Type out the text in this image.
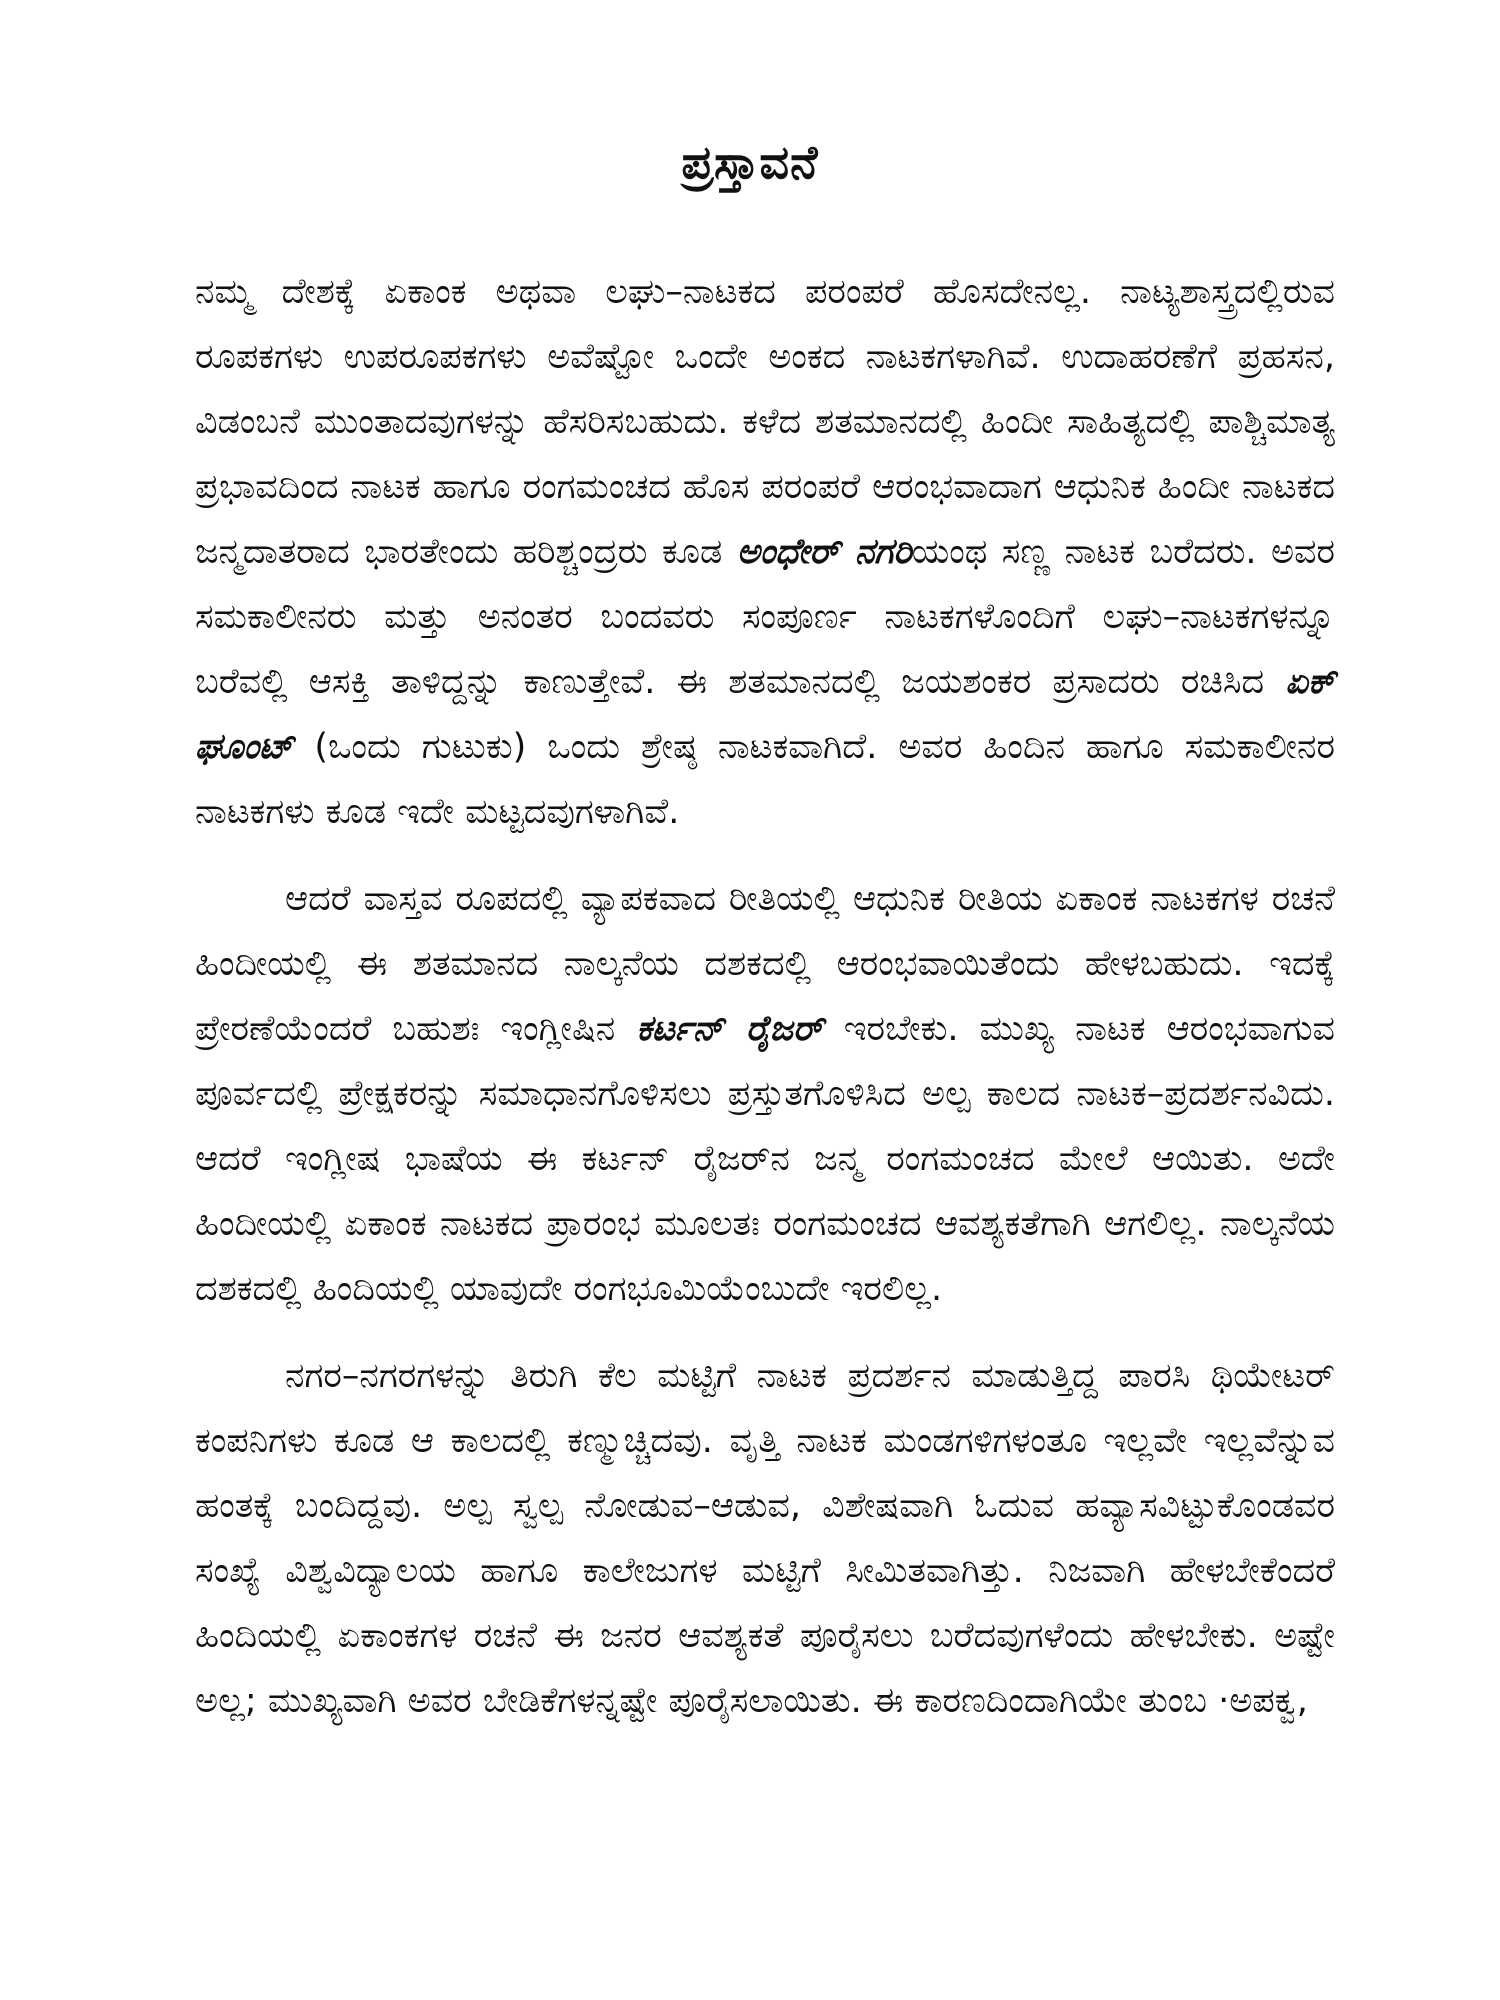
ಪ್ರಸ್ತಾವನೆ

ನಮ್ಮ ದೇಶಕ್ಕೆ ಏಕಾಂಕ ಅಥವಾ ಲಘು–ನಾಟಕದ ಪರಂಪರೆ ಹೊಸದೇನಲ್ಲ. ನಾಟ್ಯಶಾಸ್ತ್ರದಲ್ಲಿರುವ ರೂಪಕಗಳು ಉಪರೂಪಕಗಳು ಅವೆಷ್ಟೋ ಒಂದೇ ಅಂಕದ ನಾಟಕಗಳಾಗಿವೆ. ಉದಾಹರಣೆಗೆ ಪ್ರಹಸನ, ವಿಡಂಬನೆ ಮುಂತಾದವುಗಳನ್ನು ಹೆಸರಿಸಬಹುದು. ಕಳೆದ ಶತಮಾನದಲ್ಲಿ ಹಿಂದೀ ಸಾಹಿತ್ಯದಲ್ಲಿ ಪಾಶ್ಚಿಮಾತ್ಯ ಪ್ರಭಾವದಿಂದ ನಾಟಕ ಹಾಗೂ ರಂಗಮಂಚದ ಹೊಸ ಪರಂಪರೆ ಆರಂಭವಾದಾಗ ಆಧುನಿಕ ಹಿಂದೀ ನಾಟಕದ ಜನ್ಮದಾತರಾದ ಭಾರತೇಂದು ಹರಿಶ್ಚಂದ್ರರು ಕೂಡ ಅಂಧೇರ್ ನಗರಿಯಂಥ ಸಣ್ಣ ನಾಟಕ ಬರೆದರು. ಅವರ ಸಮಕಾಲೀನರು ಮತ್ತು ಅನಂತರ ಬಂದವರು ಸಂಪೂರ್ಣ ನಾಟಕಗಳೊಂದಿಗೆ ಲಘು–ನಾಟಕಗಳನ್ನೂ ಬರೆವಲ್ಲಿ ಆಸಕ್ತಿ ತಾಳಿದ್ದನ್ನು ಕಾಣುತ್ತೇವೆ. ಈ ಶತಮಾನದಲ್ಲಿ ಜಯಶಂಕರ ಪ್ರಸಾದರು ರಚಿಸಿದ ಏಕ್ ಘೂಂಟ್ (ಒಂದು ಗುಟುಕು) ಒಂದು ಶ್ರೇಷ್ಠ ನಾಟಕವಾಗಿದೆ. ಅವರ ಹಿಂದಿನ ಹಾಗೂ ಸಮಕಾಲೀನರ ನಾಟಕಗಳು ಕೂಡ ಇದೇ ಮಟ್ಟದವುಗಳಾಗಿವೆ.

ಆದರೆ ವಾಸ್ತವ ರೂಪದಲ್ಲಿ ವ್ಯಾಪಕವಾದ ರೀತಿಯಲ್ಲಿ ಆಧುನಿಕ ರೀತಿಯ ಏಕಾಂಕ ನಾಟಕಗಳ ರಚನೆ ಹಿಂದೀಯಲ್ಲಿ ಈ ಶತಮಾನದ ನಾಲ್ಕನೆಯ ದಶಕದಲ್ಲಿ ಆರಂಭವಾಯಿತೆಂದು ಹೇಳಬಹುದು. ಇದಕ್ಕೆ ಪ್ರೇರಣೆಯೆಂದರೆ ಬಹುಶಃ ಇಂಗ್ಲೀಷಿನ ಕರ್ಟನ್ ರೈಜರ್ ಇರಬೇಕು. ಮುಖ್ಯ ನಾಟಕ ಆರಂಭವಾಗುವ ಪೂರ್ವದಲ್ಲಿ ಪ್ರೇಕ್ಷಕರನ್ನು ಸಮಾಧಾನಗೊಳಿಸಲು ಪ್ರಸ್ತುತಗೊಳಿಸಿದ ಅಲ್ಪ ಕಾಲದ ನಾಟಕ–ಪ್ರದರ್ಶನವಿದು. ಆದರೆ ಇಂಗ್ಲೀಷ ಭಾಷೆಯ ಈ ಕರ್ಟನ್ ರೈಜರ್‌ನ ಜನ್ಮ ರಂಗಮಂಚದ ಮೇಲೆ ಆಯಿತು. ಅದೇ ಹಿಂದೀಯಲ್ಲಿ ಏಕಾಂಕ ನಾಟಕದ ಪ್ರಾರಂಭ ಮೂಲತಃ ರಂಗಮಂಚದ ಆವಶ್ಯಕತೆಗಾಗಿ ಆಗಲಿಲ್ಲ. ನಾಲ್ಕನೆಯ ದಶಕದಲ್ಲಿ ಹಿಂದಿಯಲ್ಲಿ ಯಾವುದೇ ರಂಗಭೂಮಿಯೆಂಬುದೇ ಇರಲಿಲ್ಲ.

ನಗರ–ನಗರಗಳನ್ನು ತಿರುಗಿ ಕೆಲ ಮಟ್ಟಿಗೆ ನಾಟಕ ಪ್ರದರ್ಶನ ಮಾಡುತ್ತಿದ್ದ ಪಾರಸಿ ಥಿಯೇಟರ್ ಕಂಪನಿಗಳು ಕೂಡ ಆ ಕಾಲದಲ್ಲಿ ಕಣ್ಮುಚ್ಚಿದವು. ವೃತ್ತಿ ನಾಟಕ ಮಂಡಗಳಿಗಳಂತೂ ಇಲ್ಲವೇ ಇಲ್ಲವೆನ್ನುವ ಹಂತಕ್ಕೆ ಬಂದಿದ್ದವು. ಅಲ್ಪ ಸ್ವಲ್ಪ ನೋಡುವ–ಆಡುವ, ವಿಶೇಷವಾಗಿ ಓದುವ ಹವ್ಯಾಸವಿಟ್ಟುಕೊಂಡವರ ಸಂಖ್ಯೆ ವಿಶ್ವವಿದ್ಯಾಲಯ ಹಾಗೂ ಕಾಲೇಜುಗಳ ಮಟ್ಟಿಗೆ ಸೀಮಿತವಾಗಿತ್ತು. ನಿಜವಾಗಿ ಹೇಳಬೇಕೆಂದರೆ ಹಿಂದಿಯಲ್ಲಿ ಏಕಾಂಕಗಳ ರಚನೆ ಈ ಜನರ ಆವಶ್ಯಕತೆ ಪೂರೈಸಲು ಬರೆದವುಗಳೆಂದು ಹೇಳಬೇಕು. ಅಷ್ಟೇ ಅಲ್ಲ; ಮುಖ್ಯವಾಗಿ ಅವರ ಬೇಡಿಕೆಗಳನ್ನಷ್ಟೇ ಪೂರೈಸಲಾಯಿತು. ಈ ಕಾರಣದಿಂದಾಗಿಯೇ ತುಂಬ ·ಅಪಕ್ವ,
